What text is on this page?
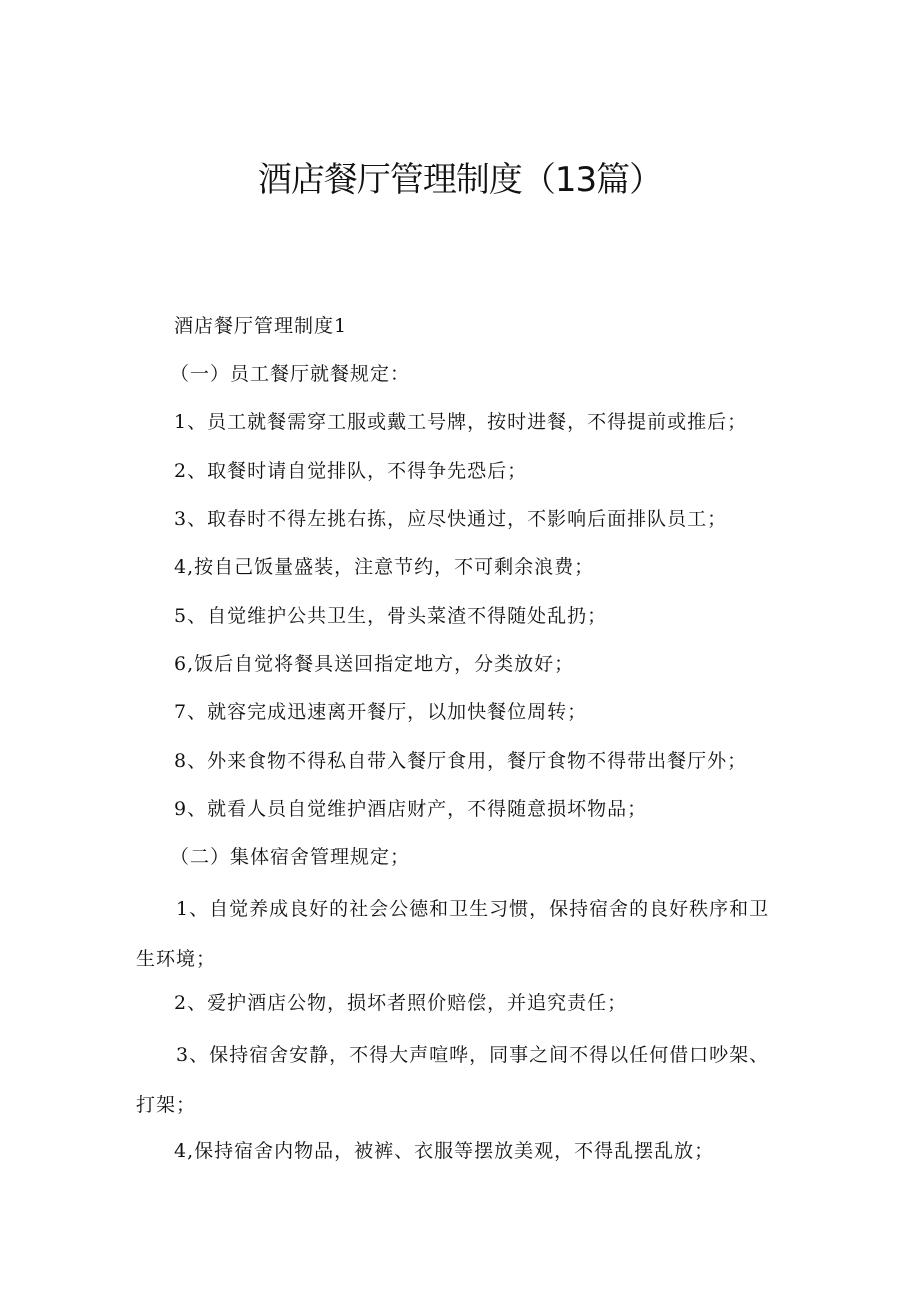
酒店餐厅管理制度（13篇）
酒店餐厅管理制度1
（一）员工餐厅就餐规定：
1、员工就餐需穿工服或戴工号牌，按时进餐，不得提前或推后；
2、取餐时请自觉排队，不得争先恐后；
3、取春时不得左挑右拣，应尽快通过，不影响后面排队员工；
4,按自己饭量盛装，注意节约，不可剩余浪费；
5、自觉维护公共卫生，骨头菜渣不得随处乱扔；
6,饭后自觉将餐具送回指定地方，分类放好；
7、就容完成迅速离开餐厅，以加快餐位周转；
8、外来食物不得私自带入餐厅食用，餐厅食物不得带出餐厅外；
9、就看人员自觉维护酒店财产，不得随意损坏物品；
（二）集体宿舍管理规定；
1、自觉养成良好的社会公德和卫生习惯，保持宿舍的良好秩序和卫
生环境；
2、爱护酒店公物，损坏者照价赔偿，并追究责任；
3、保持宿舍安静，不得大声喧哗，同事之间不得以任何借口吵架、
打架；
4,保持宿舍内物品，被裤、衣服等摆放美观，不得乱摆乱放；
